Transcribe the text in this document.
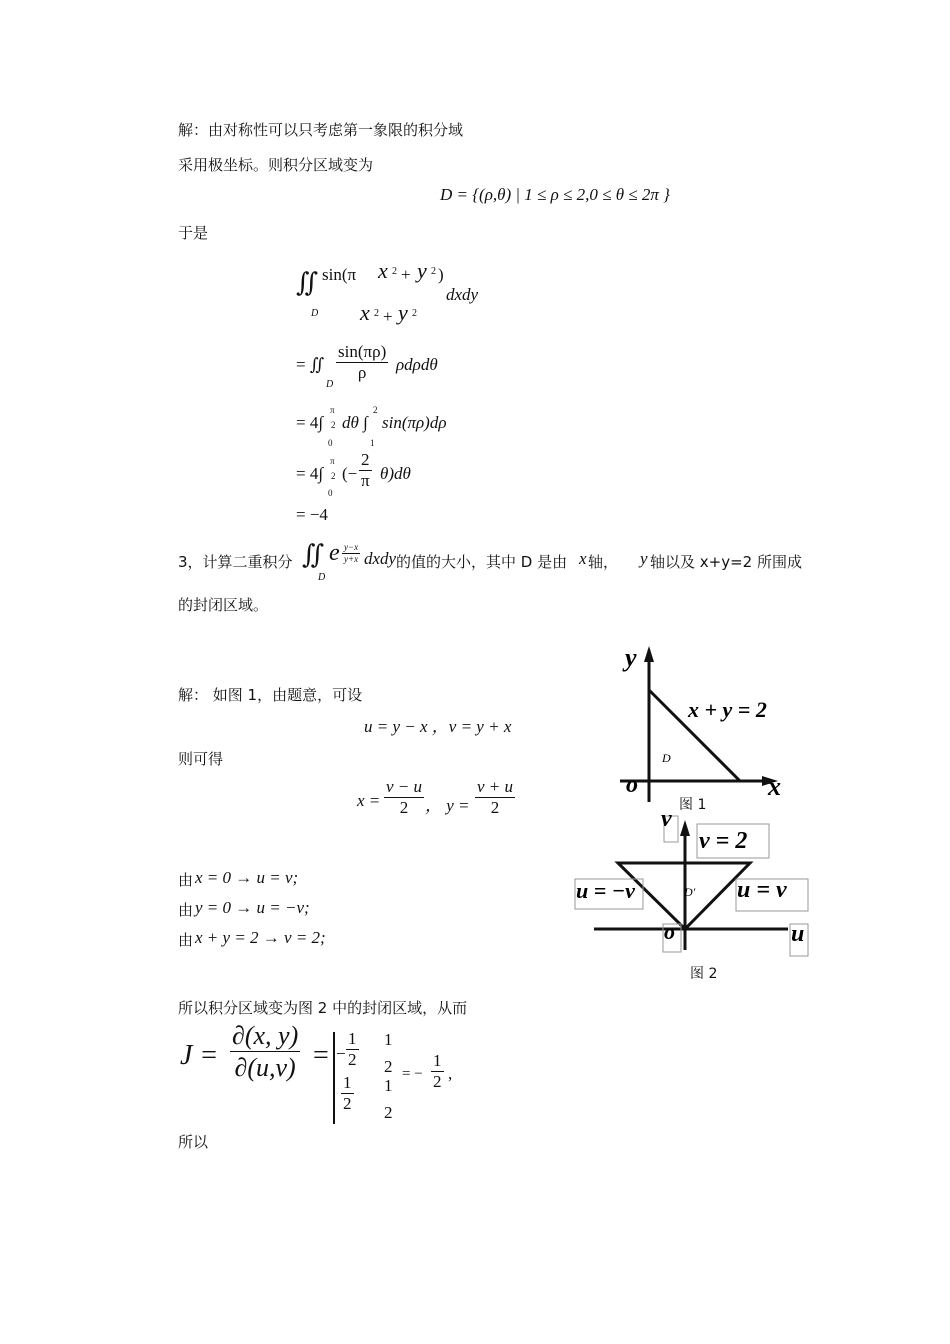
解：由对称性可以只考虑第一象限的积分域
采用极坐标。则积分区域变为
D = {(ρ,θ) | 1 ≤ ρ ≤ 2,0 ≤ θ ≤ 2π }
于是
∬ sin(π x 2 + y 2 )
dxdy
D x 2 + y 2
= ∬
D
$\frac{\sin(\pi\rho)}{\rho}$ ρdρdθ
= 4∫
π
2
0
dθ ∫
2
1
sin(πρ)dρ
= 4∫
π
2
0
(− $\frac{2}{\pi} \theta)d\theta$
= −4
3，计算二重积分 ∬
D
e $\frac{y-x}{y+x}$ dxdy 的值的大小，其中 D 是由 x 轴， y 轴以及 x+y=2 所围成
的封闭区域。
解： 如图 1，由题意，可设
u = y − x ，v = y + x
则可得
$x = \frac{v - u}{2}$ ， $y = \frac{v + u}{2}$
由 x = 0 → u = v;
由 y = 0 → u = −v;
由 x + y = 2 → v = 2;
所以积分区域变为图 2 中的封闭区域，从而
$J = \frac{\partial(x, y)}{\partial(u,v)}$ = − $\frac{1}{2} 1$
2
$\frac{1}{2} 1$
2
= − $\frac{1}{2}$ ,
所以
y
x
o
x + y = 2
D
图 1
v
v = 2
u = −v	u = v
D′
o	u
图 2
